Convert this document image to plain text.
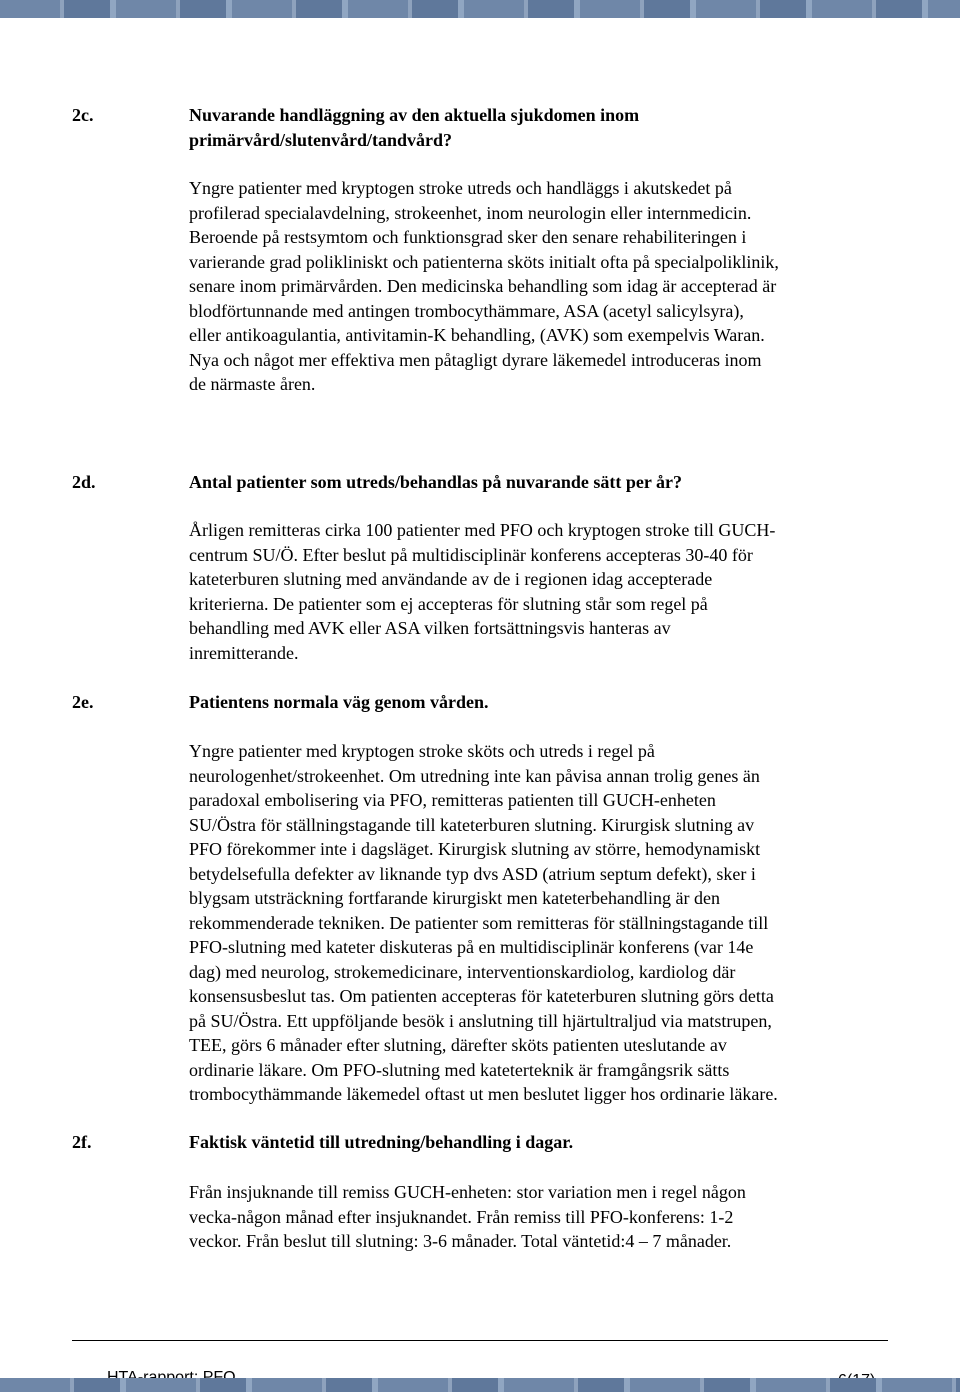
2c.	Nuvarande handläggning av den aktuella sjukdomen inom
primärvård/slutenvård/tandvård?
Yngre patienter med kryptogen stroke utreds och handläggs i akutskedet på
profilerad specialavdelning, strokeenhet, inom neurologin eller internmedicin.
Beroende på restsymtom och funktionsgrad sker den senare rehabiliteringen i
varierande grad polikliniskt och patienterna sköts initialt ofta på specialpoliklinik,
senare inom primärvården. Den medicinska behandling som idag är accepterad är
blodförtunnande med antingen trombocythämmare, ASA (acetyl salicylsyra),
eller antikoagulantia, antivitamin-K behandling, (AVK) som exempelvis Waran.
Nya och något mer effektiva men påtagligt dyrare läkemedel introduceras inom
de närmaste åren.
2d.	Antal patienter som utreds/behandlas på nuvarande sätt per år?
Årligen remitteras cirka 100 patienter med PFO och kryptogen stroke till GUCH-
centrum SU/Ö. Efter beslut på multidisciplinär konferens accepteras 30-40 för
kateterburen slutning med användande av de i regionen idag accepterade
kriterierna. De patienter som ej accepteras för slutning står som regel på
behandling med AVK eller ASA vilken fortsättningsvis hanteras av
inremitterande.
2e.	Patientens normala väg genom vården.
Yngre patienter med kryptogen stroke sköts och utreds i regel på
neurologenhet/strokeenhet. Om utredning inte kan påvisa annan trolig genes än
paradoxal embolisering via PFO, remitteras patienten till GUCH-enheten
SU/Östra för ställningstagande till kateterburen slutning. Kirurgisk slutning av
PFO förekommer inte i dagsläget. Kirurgisk slutning av större, hemodynamiskt
betydelsefulla defekter av liknande typ dvs ASD (atrium septum defekt), sker i
blygsam utsträckning fortfarande kirurgiskt men kateterbehandling är den
rekommenderade tekniken. De patienter som remitteras för ställningstagande till
PFO-slutning med kateter diskuteras på en multidisciplinär konferens (var 14e
dag) med neurolog, strokemedicinare, interventionskardiolog, kardiolog där
konsensusbeslut tas. Om patienten accepteras för kateterburen slutning görs detta
på SU/Östra. Ett uppföljande besök i anslutning till hjärtultraljud via matstrupen,
TEE, görs 6 månader efter slutning, därefter sköts patienten uteslutande av
ordinarie läkare. Om PFO-slutning med kateterteknik är framgångsrik sätts
trombocythämmande läkemedel oftast ut men beslutet ligger hos ordinarie läkare.
2f.	Faktisk väntetid till utredning/behandling i dagar.
Från insjuknande till remiss GUCH-enheten: stor variation men i regel någon
vecka-någon månad efter insjuknandet. Från remiss till PFO-konferens: 1-2
veckor. Från beslut till slutning: 3-6 månader. Total väntetid:4 – 7 månader.
